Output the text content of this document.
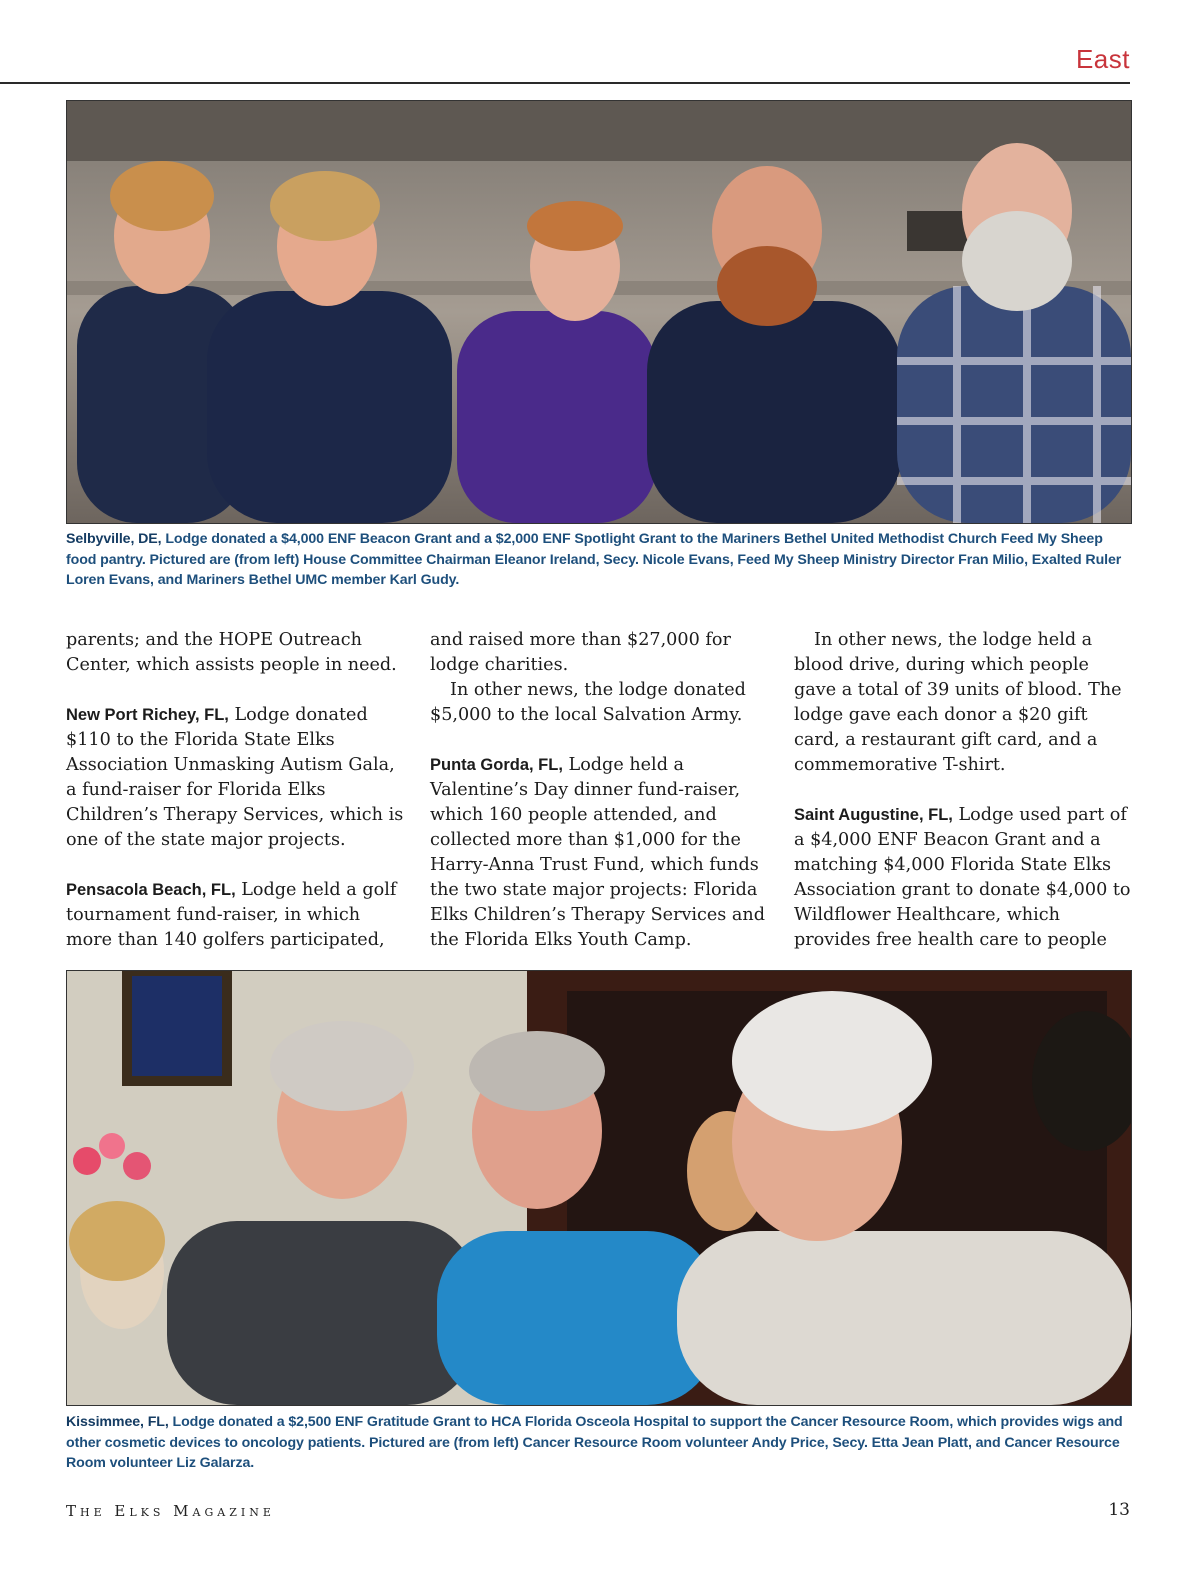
East
Selbyville, DE, Lodge donated a $4,000 ENF Beacon Grant and a $2,000 ENF Spotlight Grant to the Mariners Bethel United Methodist Church Feed My Sheep food pantry. Pictured are (from left) House Committee Chairman Eleanor Ireland, Secy. Nicole Evans, Feed My Sheep Ministry Director Fran Milio, Exalted Ruler Loren Evans, and Mariners Bethel UMC member Karl Gudy.

parents; and the HOPE Outreach Center, which assists people in need.

New Port Richey, FL, Lodge donated $110 to the Florida State Elks Association Unmasking Autism Gala, a fund-raiser for Florida Elks Children’s Therapy Services, which is one of the state major projects.

Pensacola Beach, FL, Lodge held a golf tournament fund-raiser, in which more than 140 golfers participated,

and raised more than $27,000 for lodge charities.

In other news, the lodge donated $5,000 to the local Salvation Army.

Punta Gorda, FL, Lodge held a Valentine’s Day dinner fund-raiser, which 160 people attended, and collected more than $1,000 for the Harry-Anna Trust Fund, which funds the two state major projects: Florida Elks Children’s Therapy Services and the Florida Elks Youth Camp.

In other news, the lodge held a blood drive, during which people gave a total of 39 units of blood. The lodge gave each donor a $20 gift card, a restaurant gift card, and a commemorative T-shirt.

Saint Augustine, FL, Lodge used part of a $4,000 ENF Beacon Grant and a matching $4,000 Florida State Elks Association grant to donate $4,000 to Wildflower Healthcare, which provides free health care to people

Kissimmee, FL, Lodge donated a $2,500 ENF Gratitude Grant to HCA Florida Osceola Hospital to support the Cancer Resource Room, which provides wigs and other cosmetic devices to oncology patients. Pictured are (from left) Cancer Resource Room volunteer Andy Price, Secy. Etta Jean Platt, and Cancer Resource Room volunteer Liz Galarza.
The Elks Magazine	13
